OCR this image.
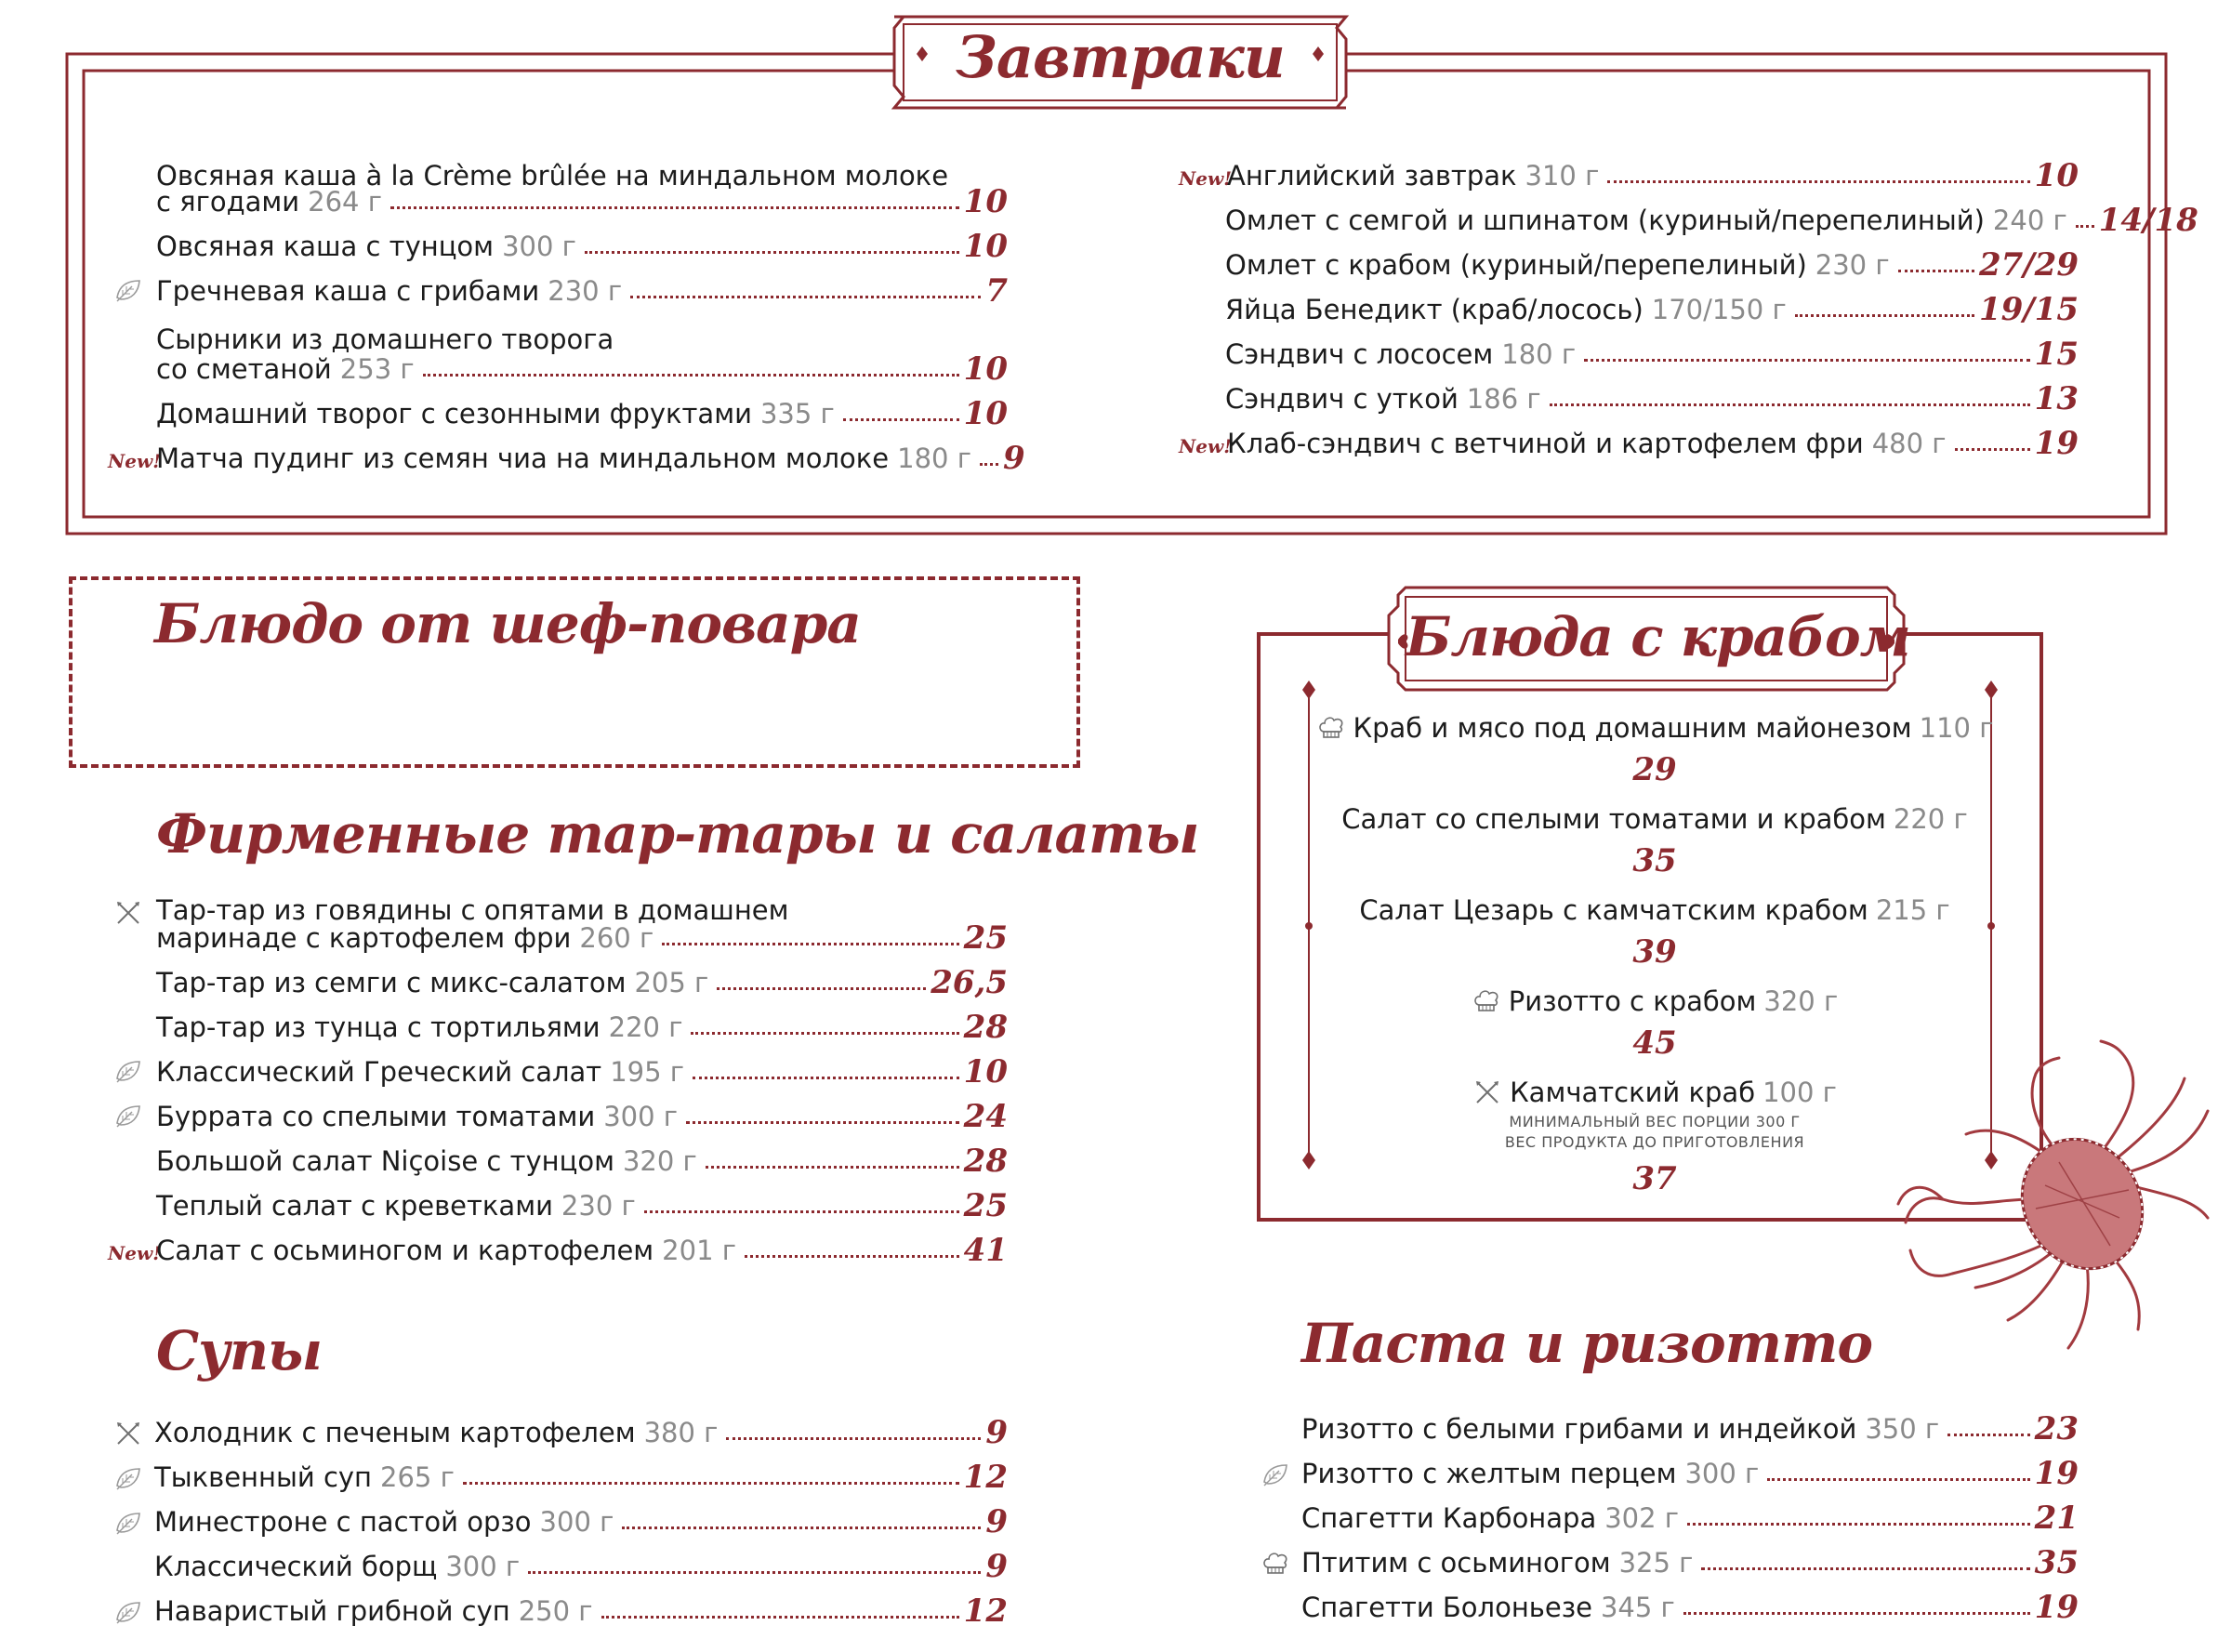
Завтраки
Овсяная каша à la Crème brûlée на миндальном молоке
с ягодами 264 г	10
Овсяная каша с тунцом 300 г	10
Гречневая каша с грибами 230 г	7
Сырники из домашнего творога
со сметаной 253 г	10
Домашний творог с сезонными фруктами 335 г	10
New!
Матча пудинг из семян чиа на миндальном молоке 180 г 9
New!
Английский завтрак 310 г	10
Омлет с семгой и шпинатом (куриный/перепелиный) 240 г 14/18
Омлет с крабом (куриный/перепелиный) 230 г	27/29
Яйца Бенедикт (краб/лосось) 170/150 г	19/15
Сэндвич с лососем 180 г	15
Сэндвич с уткой 186 г	13
New!
Клаб-сэндвич с ветчиной и картофелем фри 480 г	19
Блюдо от шеф-повара
Фирменные тар-тары и салаты
Тар-тар из говядины с опятами в домашнем
маринаде с картофелем фри 260 г	25
Тар-тар из семги с микс-салатом 205 г	26,5
Тар-тар из тунца с тортильями 220 г	28
Классический Греческий салат 195 г	10
Буррата со спелыми томатами 300 г	24
Большой салат Niçoise с тунцом 320 г	28
Теплый салат с креветками 230 г	25
New!
Салат с осьминогом и картофелем 201 г	41
Супы
Холодник с печеным картофелем 380 г	9
Тыквенный суп 265 г	12
Минестроне с пастой орзо 300 г	9
Классический борщ 300 г	9
Наваристый грибной суп 250 г	12
Блюда с крабом
Краб и мясо под домашним майонезом 110 г
29
Салат со спелыми томатами и крабом 220 г
35
Салат Цезарь с камчатским крабом 215 г
39
Ризотто с крабом 320 г
45
Камчатский краб 100 г
МИНИМАЛЬНЫЙ ВЕС ПОРЦИИ 300 Г
ВЕС ПРОДУКТА ДО ПРИГОТОВЛЕНИЯ
37
Паста и ризотто
Ризотто с белыми грибами и индейкой 350 г	23
Ризотто с желтым перцем 300 г	19
Спагетти Карбонара 302 г	21
Птитим с осьминогом 325 г	35
Спагетти Болоньезе 345 г	19
